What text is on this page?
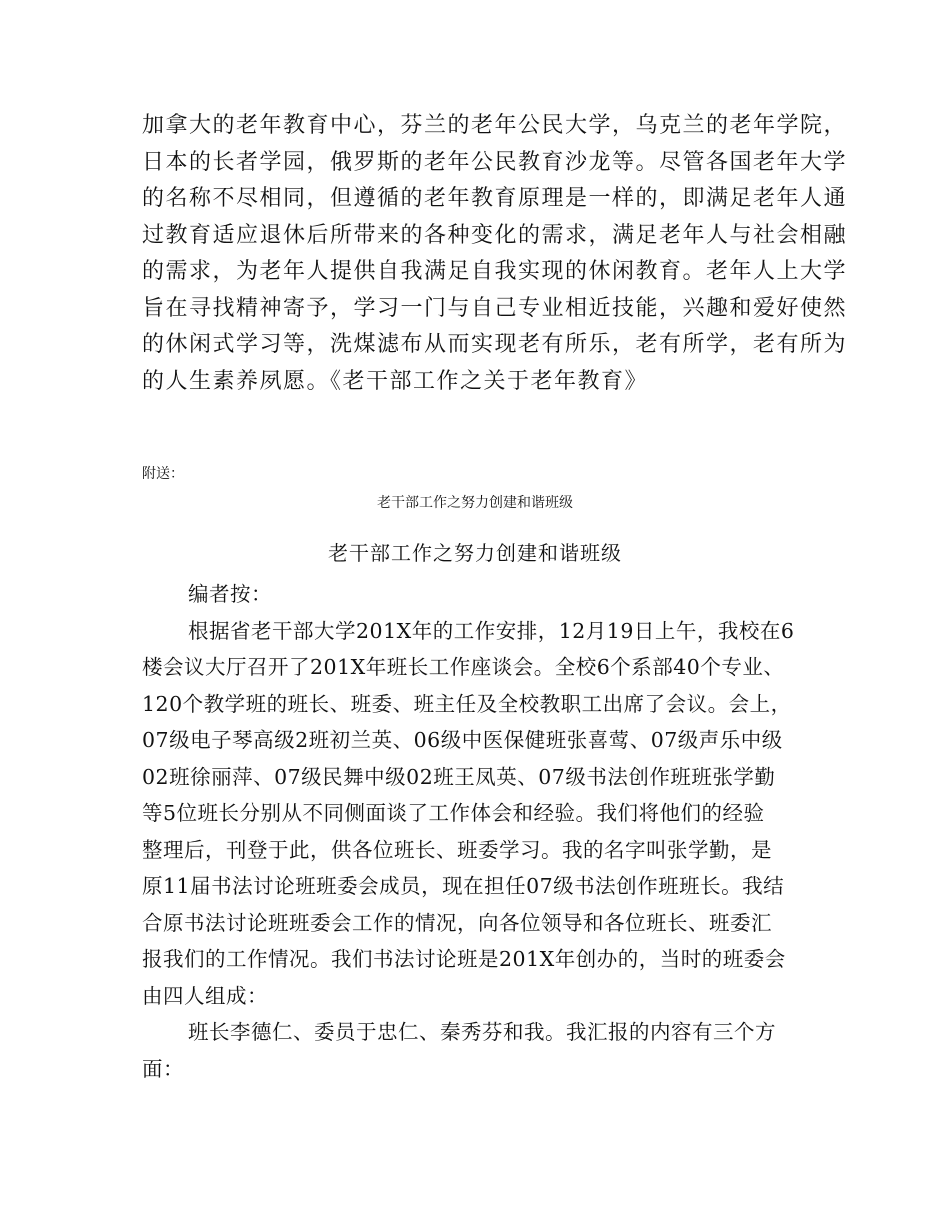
加拿大的老年教育中心，芬兰的老年公民大学，乌克兰的老年学院，
日本的长者学园，俄罗斯的老年公民教育沙龙等。尽管各国老年大学
的名称不尽相同，但遵循的老年教育原理是一样的，即满足老年人通
过教育适应退休后所带来的各种变化的需求，满足老年人与社会相融
的需求，为老年人提供自我满足自我实现的休闲教育。老年人上大学
旨在寻找精神寄予，学习一门与自己专业相近技能，兴趣和爱好使然
的休闲式学习等，洗煤滤布从而实现老有所乐，老有所学，老有所为
的人生素养夙愿。《老干部工作之关于老年教育》
附送：
老干部工作之努力创建和谐班级
老干部工作之努力创建和谐班级
编者按：
根据省老干部大学201X年的工作安排，12月19日上午，我校在6
楼会议大厅召开了201X年班长工作座谈会。全校6个系部40个专业、
120个教学班的班长、班委、班主任及全校教职工出席了会议。会上，
07级电子琴高级2班初兰英、06级中医保健班张喜莺、07级声乐中级
02班徐丽萍、07级民舞中级02班王凤英、07级书法创作班班张学勤
等5位班长分别从不同侧面谈了工作体会和经验。我们将他们的经验
整理后，刊登于此，供各位班长、班委学习。我的名字叫张学勤，是
原11届书法讨论班班委会成员，现在担任07级书法创作班班长。我结
合原书法讨论班班委会工作的情况，向各位领导和各位班长、班委汇
报我们的工作情况。我们书法讨论班是201X年创办的，当时的班委会
由四人组成：
班长李德仁、委员于忠仁、秦秀芬和我。我汇报的内容有三个方
面：
